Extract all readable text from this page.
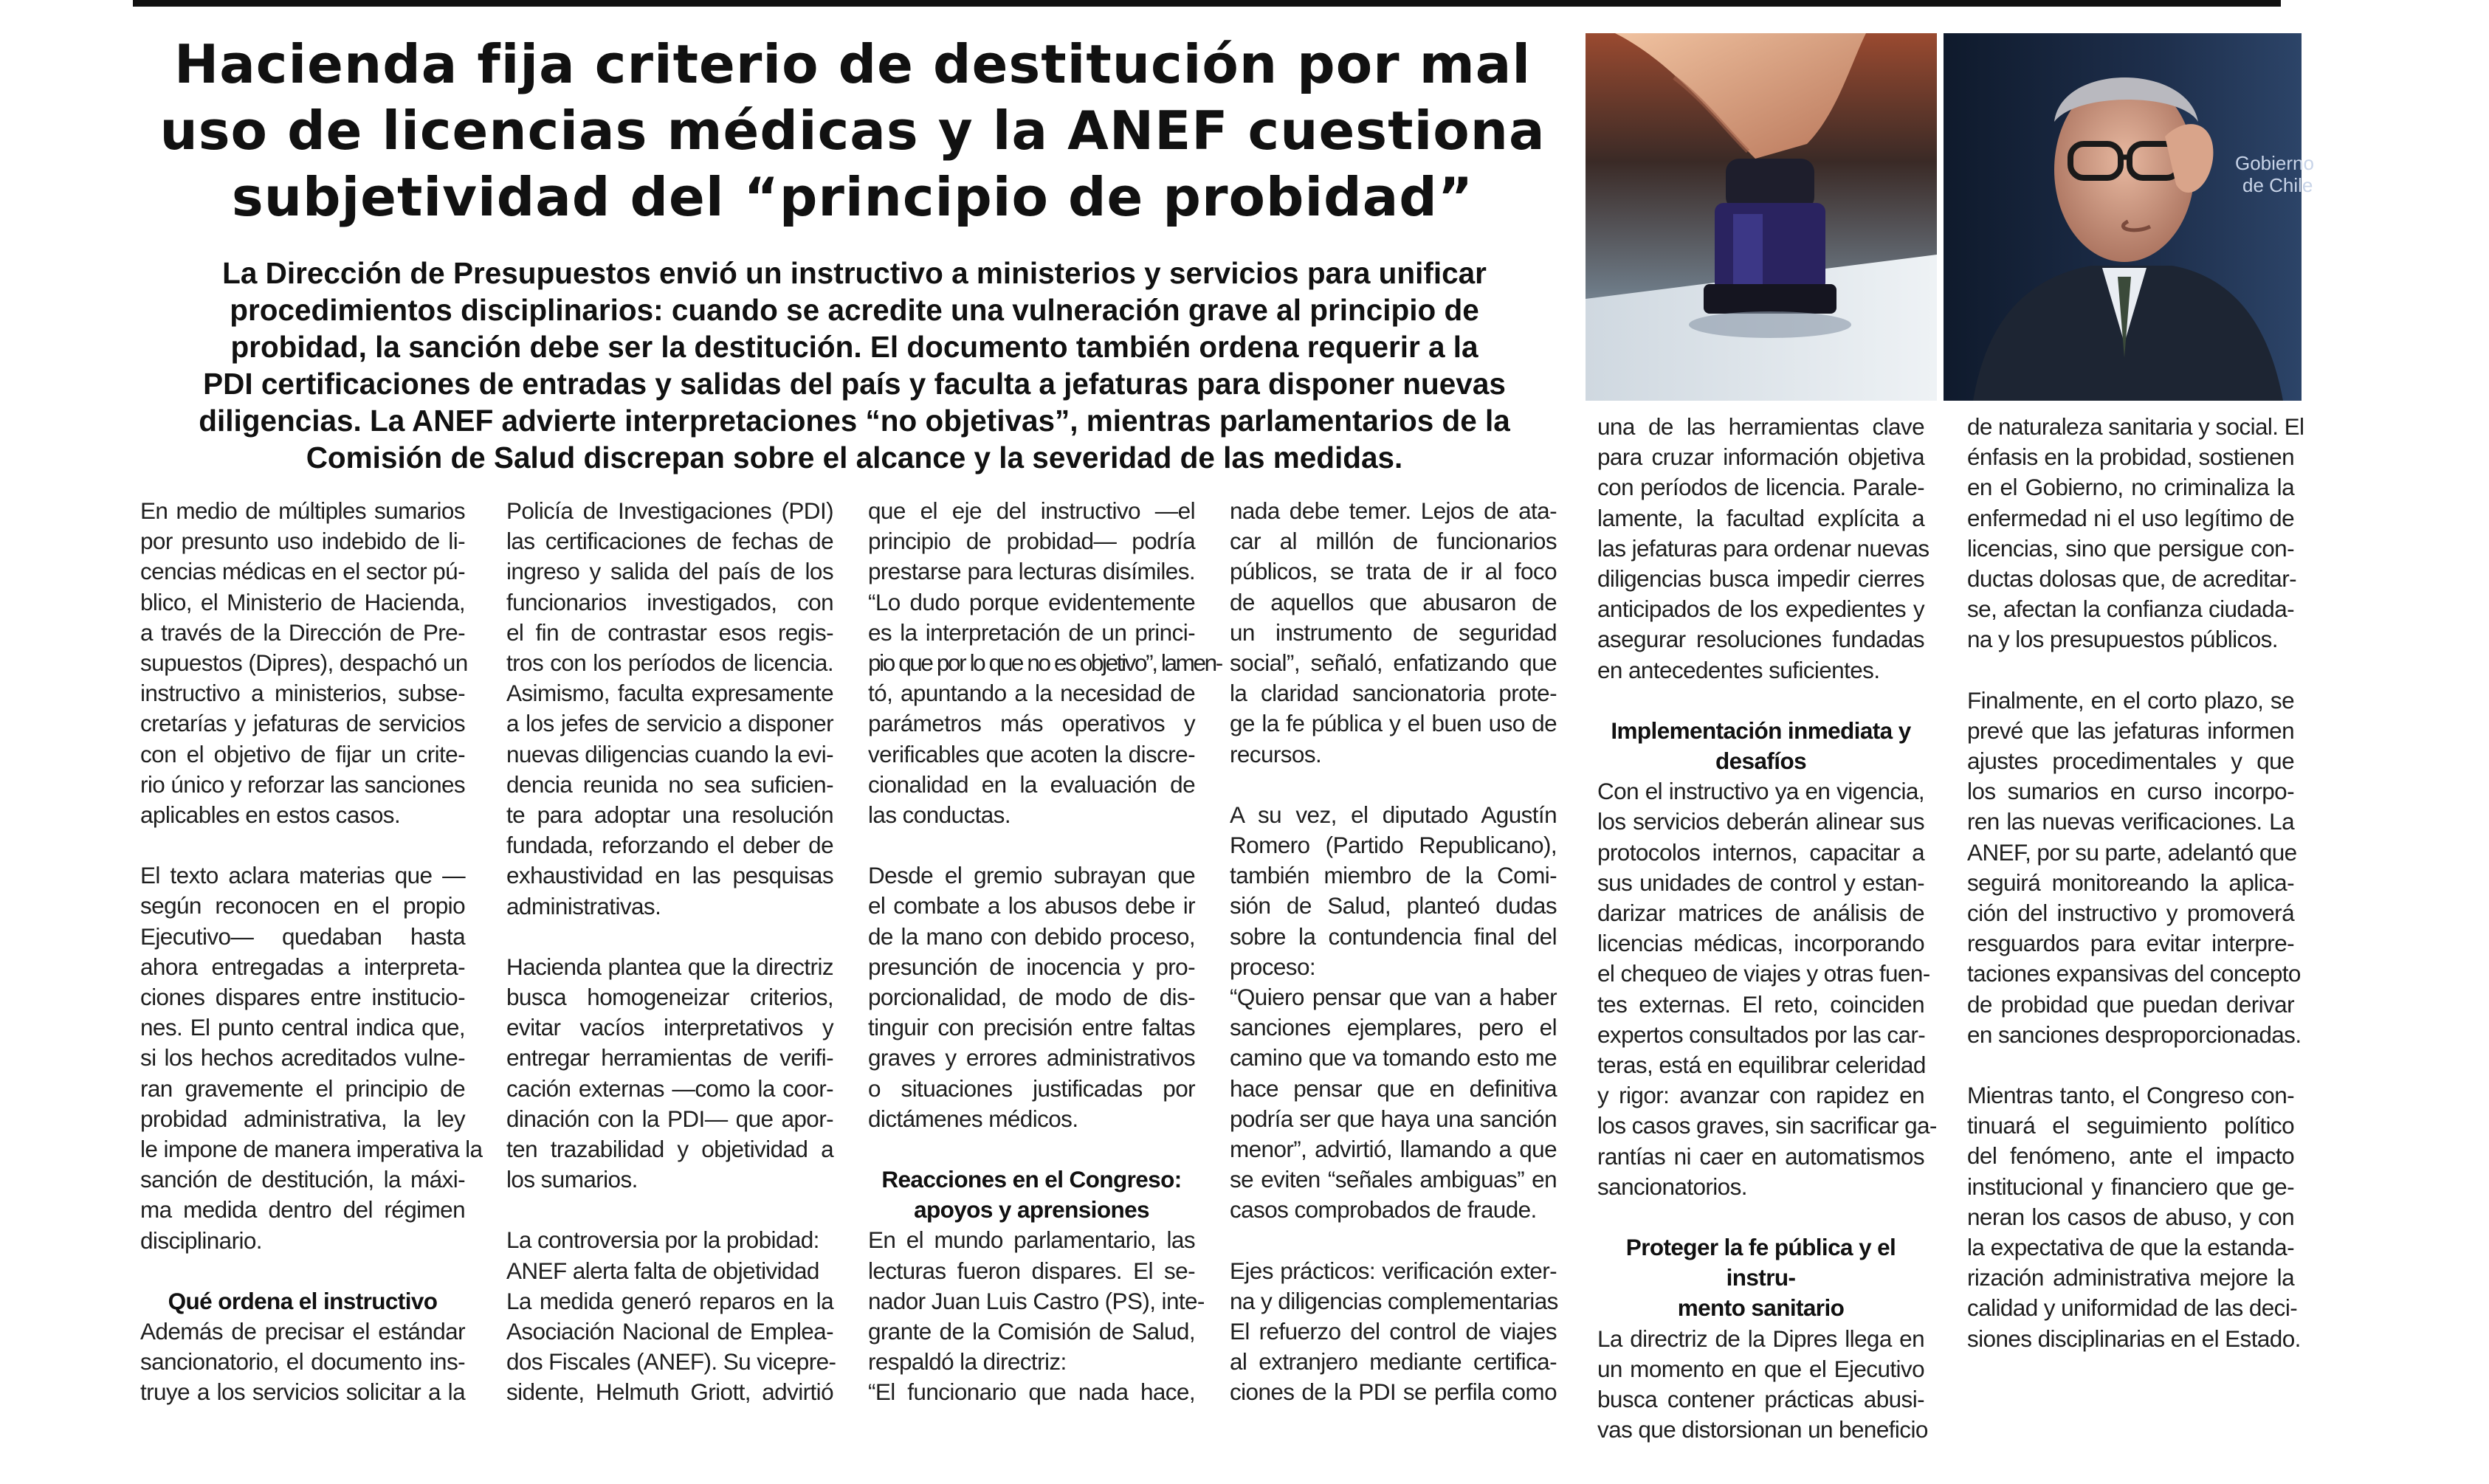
Hacienda fija criterio de destitución por mal
uso de licencias médicas y la ANEF cuestiona
subjetividad del “principio de probidad”
La Dirección de Presupuestos envió un instructivo a ministerios y servicios para unificar
procedimientos disciplinarios: cuando se acredite una vulneración grave al principio de
probidad, la sanción debe ser la destitución. El documento también ordena requerir a la
PDI certificaciones de entradas y salidas del país y faculta a jefaturas para disponer nuevas
diligencias. La ANEF advierte interpretaciones “no objetivas”, mientras parlamentarios de la
Comisión de Salud discrepan sobre el alcance y la severidad de las medidas.
Gobierno
de Chile
En medio de múltiples sumarios
por presunto uso indebido de li-
cencias médicas en el sector pú-
blico, el Ministerio de Hacienda,
a través de la Dirección de Pre-
supuestos (Dipres), despachó un
instructivo a ministerios, subse-
cretarías y jefaturas de servicios
con el objetivo de fijar un crite-
rio único y reforzar las sanciones
aplicables en estos casos.
El texto aclara materias que —
según reconocen en el propio
Ejecutivo— quedaban hasta
ahora entregadas a interpreta-
ciones dispares entre institucio-
nes. El punto central indica que,
si los hechos acreditados vulne-
ran gravemente el principio de
probidad administrativa, la ley
le impone de manera imperativa la
sanción de destitución, la máxi-
ma medida dentro del régimen
disciplinario.

Qué ordena el instructivo

Además de precisar el estándar
sancionatorio, el documento ins-
truye a los servicios solicitar a la
Policía de Investigaciones (PDI)
las certificaciones de fechas de
ingreso y salida del país de los
funcionarios investigados, con
el fin de contrastar esos regis-
tros con los períodos de licencia.
Asimismo, faculta expresamente
a los jefes de servicio a disponer
nuevas diligencias cuando la evi-
dencia reunida no sea suficien-
te para adoptar una resolución
fundada, reforzando el deber de
exhaustividad en las pesquisas
administrativas.
Hacienda plantea que la directriz
busca homogeneizar criterios,
evitar vacíos interpretativos y
entregar herramientas de verifi-
cación externas —como la coor-
dinación con la PDI— que apor-
ten trazabilidad y objetividad a
los sumarios.
La controversia por la probidad:
ANEF alerta falta de objetividad
La medida generó reparos en la
Asociación Nacional de Emplea-
dos Fiscales (ANEF). Su vicepre-
sidente, Helmuth Griott, advirtió
que el eje del instructivo —el
principio de probidad— podría
prestarse para lecturas disímiles.
“Lo dudo porque evidentemente
es la interpretación de un princi-
pio que por lo que no es objetivo”, lamen-
tó, apuntando a la necesidad de
parámetros más operativos y
verificables que acoten la discre-
cionalidad en la evaluación de
las conductas.
Desde el gremio subrayan que
el combate a los abusos debe ir
de la mano con debido proceso,
presunción de inocencia y pro-
porcionalidad, de modo de dis-
tinguir con precisión entre faltas
graves y errores administrativos
o situaciones justificadas por
dictámenes médicos.

Reacciones en el Congreso:
apoyos y aprensiones

En el mundo parlamentario, las
lecturas fueron dispares. El se-
nador Juan Luis Castro (PS), inte-
grante de la Comisión de Salud,
respaldó la directriz:
“El funcionario que nada hace,
nada debe temer. Lejos de ata-
car al millón de funcionarios
públicos, se trata de ir al foco
de aquellos que abusaron de
un instrumento de seguridad
social”, señaló, enfatizando que
la claridad sancionatoria prote-
ge la fe pública y el buen uso de
recursos.
A su vez, el diputado Agustín
Romero (Partido Republicano),
también miembro de la Comi-
sión de Salud, planteó dudas
sobre la contundencia final del
proceso:
“Quiero pensar que van a haber
sanciones ejemplares, pero el
camino que va tomando esto me
hace pensar que en definitiva
podría ser que haya una sanción
menor”, advirtió, llamando a que
se eviten “señales ambiguas” en
casos comprobados de fraude.
Ejes prácticos: verificación exter-
na y diligencias complementarias
El refuerzo del control de viajes
al extranjero mediante certifica-
ciones de la PDI se perfila como
una de las herramientas clave
para cruzar información objetiva
con períodos de licencia. Parale-
lamente, la facultad explícita a
las jefaturas para ordenar nuevas
diligencias busca impedir cierres
anticipados de los expedientes y
asegurar resoluciones fundadas
en antecedentes suficientes.

Implementación inmediata y
desafíos

Con el instructivo ya en vigencia,
los servicios deberán alinear sus
protocolos internos, capacitar a
sus unidades de control y estan-
darizar matrices de análisis de
licencias médicas, incorporando
el chequeo de viajes y otras fuen-
tes externas. El reto, coinciden
expertos consultados por las car-
teras, está en equilibrar celeridad
y rigor: avanzar con rapidez en
los casos graves, sin sacrificar ga-
rantías ni caer en automatismos
sancionatorios.

Proteger la fe pública y el instru-
mento sanitario

La directriz de la Dipres llega en
un momento en que el Ejecutivo
busca contener prácticas abusi-
vas que distorsionan un beneficio
de naturaleza sanitaria y social. El
énfasis en la probidad, sostienen
en el Gobierno, no criminaliza la
enfermedad ni el uso legítimo de
licencias, sino que persigue con-
ductas dolosas que, de acreditar-
se, afectan la confianza ciudada-
na y los presupuestos públicos.
Finalmente, en el corto plazo, se
prevé que las jefaturas informen
ajustes procedimentales y que
los sumarios en curso incorpo-
ren las nuevas verificaciones. La
ANEF, por su parte, adelantó que
seguirá monitoreando la aplica-
ción del instructivo y promoverá
resguardos para evitar interpre-
taciones expansivas del concepto
de probidad que puedan derivar
en sanciones desproporcionadas.
Mientras tanto, el Congreso con-
tinuará el seguimiento político
del fenómeno, ante el impacto
institucional y financiero que ge-
neran los casos de abuso, y con
la expectativa de que la estanda-
rización administrativa mejore la
calidad y uniformidad de las deci-
siones disciplinarias en el Estado.
